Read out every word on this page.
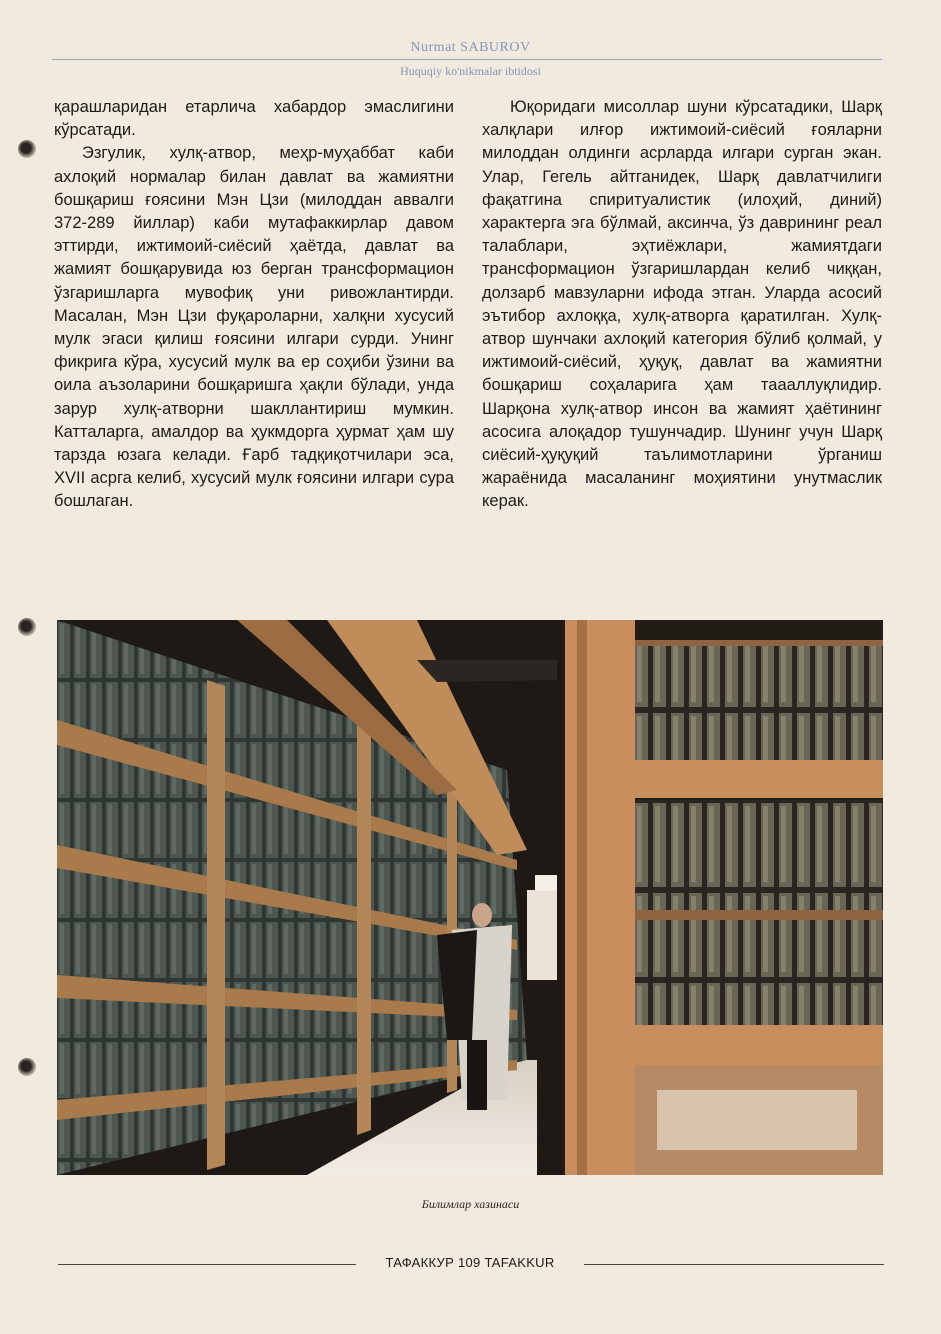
Nurmat SABUROV
Huquqiy ko'nikmalar ibtidosi

қарашларидан етарлича хабардор эмаслигини кўрсатади.

Эзгулик, хулқ-атвор, меҳр-муҳаббат каби ахлоқий нормалар билан давлат ва жамиятни бошқариш ғоясини Мэн Цзи (милоддан аввалги 372-289 йиллар) каби мутафаккирлар давом эттирди, ижтимоий-сиёсий ҳаётда, давлат ва жамият бошқарувида юз берган трансформацион ўзгаришларга мувофиқ уни ривожлантирди. Масалан, Мэн Цзи фуқароларни, халқни хусусий мулк эгаси қилиш ғоясини илгари сурди. Унинг фикрига кўра, хусусий мулк ва ер соҳиби ўзини ва оила аъзоларини бошқаришга ҳақли бўлади, унда зарур хулқ-атворни шакллантириш мумкин. Катталарга, амалдор ва ҳукмдорга ҳурмат ҳам шу тарзда юзага келади. Ғарб тадқиқотчилари эса, XVII асрга келиб, хусусий мулк ғоясини илгари сура бошлаган.

Юқоридаги мисоллар шуни кўрсатадики, Шарқ халқлари илғор ижтимоий-сиёсий ғояларни милоддан олдинги асрларда илгари сурган экан. Улар, Гегель айтганидек, Шарқ давлатчилиги фақатгина спиритуалистик (илоҳий, диний) характерга эга бўлмай, аксинча, ўз даврининг реал талаблари, эҳтиёжлари, жамиятдаги трансформацион ўзгаришлардан келиб чиққан, долзарб мавзуларни ифода этган. Уларда асосий эътибор ахлоққа, хулқ-атворга қаратилган. Хулқ-атвор шунчаки ахлоқий категория бўлиб қолмай, у ижтимоий-сиёсий, ҳуқуқ, давлат ва жамиятни бошқариш соҳаларига ҳам таааллуқлидир. Шарқона хулқ-атвор инсон ва жамият ҳаётининг асосига алоқадор тушунчадир. Шунинг учун Шарқ сиёсий-ҳуқуқий таълимотларини ўрганиш жараёнида масаланинг моҳиятини унутмаслик керак.

Билимлар хазинаси
ТАФАККУР 109 TAFAKKUR
